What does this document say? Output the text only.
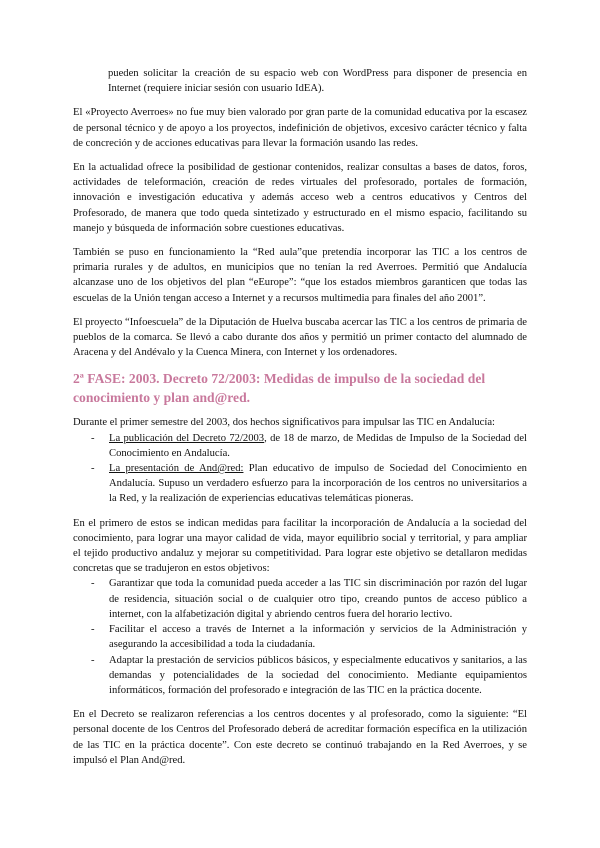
pueden solicitar la creación de su espacio web con WordPress para disponer de presencia en Internet (requiere iniciar sesión con usuario IdEA).

El «Proyecto Averroes» no fue muy bien valorado por gran parte de la comunidad educativa por la escasez de personal técnico y de apoyo a los proyectos, indefinición de objetivos, excesivo carácter técnico y falta de concreción y de acciones educativas para llevar la formación usando las redes.

En la actualidad ofrece la posibilidad de gestionar contenidos, realizar consultas a bases de datos, foros, actividades de teleformación, creación de redes virtuales del profesorado, portales de formación, innovación e investigación educativa y además acceso web a centros educativos y Centros del Profesorado, de manera que todo queda sintetizado y estructurado en el mismo espacio, facilitando su manejo y búsqueda de información sobre cuestiones educativas.

También se puso en funcionamiento la “Red aula”que pretendía incorporar las TIC a los centros de primaria rurales y de adultos, en municipios que no tenían la red Averroes. Permitió que Andalucía alcanzase uno de los objetivos del plan “eEurope”: “que los estados miembros garanticen que todas las escuelas de la Unión tengan acceso a Internet y a recursos multimedia para finales del año 2001”.

El proyecto “Infoescuela” de la Diputación de Huelva buscaba acercar las TIC a los centros de primaria de pueblos de la comarca. Se llevó a cabo durante dos años y permitió un primer contacto del alumnado de Aracena y del Andévalo y la Cuenca Minera, con Internet y los ordenadores.

2ª FASE: 2003. Decreto 72/2003: Medidas de impulso de la sociedad del conocimiento y plan and@red.

Durante el primer semestre del 2003, dos hechos significativos para impulsar las TIC en Andalucía:

- La publicación del Decreto 72/2003, de 18 de marzo, de Medidas de Impulso de la Sociedad del Conocimiento en Andalucía.
- La presentación de And@red: Plan educativo de impulso de Sociedad del Conocimiento en Andalucía. Supuso un verdadero esfuerzo para la incorporación de los centros no universitarios a la Red, y la realización de experiencias educativas telemáticas pioneras.

En el primero de estos se indican medidas para facilitar la incorporación de Andalucía a la sociedad del conocimiento, para lograr una mayor calidad de vida, mayor equilibrio social y territorial, y para ampliar el tejido productivo andaluz y mejorar su competitividad. Para lograr este objetivo se detallaron medidas concretas que se tradujeron en estos objetivos:

- Garantizar que toda la comunidad pueda acceder a las TIC sin discriminación por razón del lugar de residencia, situación social o de cualquier otro tipo, creando puntos de acceso público a internet, con la alfabetización digital y abriendo centros fuera del horario lectivo.
- Facilitar el acceso a través de Internet a la información y servicios de la Administración y asegurando la accesibilidad a toda la ciudadanía.
- Adaptar la prestación de servicios públicos básicos, y especialmente educativos y sanitarios, a las demandas y potencialidades de la sociedad del conocimiento. Mediante equipamientos informáticos, formación del profesorado e integración de las TIC en la práctica docente.

En el Decreto se realizaron referencias a los centros docentes y al profesorado, como la siguiente: “El personal docente de los Centros del Profesorado deberá de acreditar formación específica en la utilización de las TIC en la práctica docente”. Con este decreto se continuó trabajando en la Red Averroes, y se impulsó el Plan And@red.
